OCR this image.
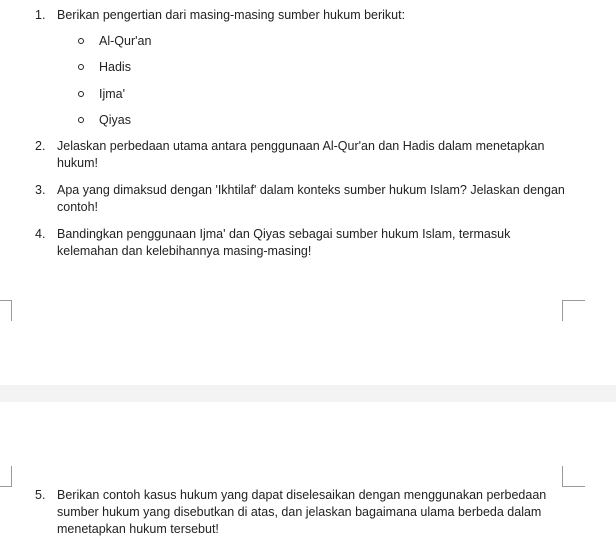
1. Berikan pengertian dari masing-masing sumber hukum berikut:
Al-Qur'an
Hadis
Ijma'
Qiyas
2. Jelaskan perbedaan utama antara penggunaan Al-Qur'an dan Hadis dalam menetapkan hukum!
3. Apa yang dimaksud dengan 'Ikhtilaf' dalam konteks sumber hukum Islam? Jelaskan dengan contoh!
4. Bandingkan penggunaan Ijma' dan Qiyas sebagai sumber hukum Islam, termasuk kelemahan dan kelebihannya masing-masing!
5. Berikan contoh kasus hukum yang dapat diselesaikan dengan menggunakan perbedaan sumber hukum yang disebutkan di atas, dan jelaskan bagaimana ulama berbeda dalam menetapkan hukum tersebut!
